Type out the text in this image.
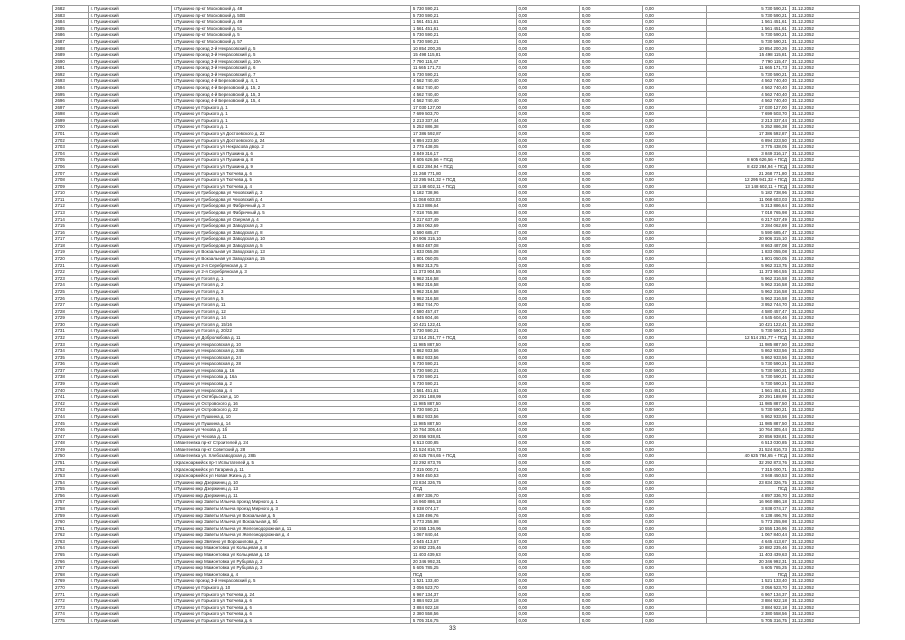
2682	г. Пушкинский	г.Пушкино пр-кт Московский д. 48	5 730 590,21	0,00	0,00	0,00	5 730 590,21	31.12.2052
2683	г. Пушкинский	г.Пушкино пр-кт Московский д. 50В	5 730 590,21	0,00	0,00	0,00	5 730 590,21	31.12.2052
2684	г. Пушкинский	г.Пушкино пр-кт Московский д. 49	1 561 451,61	0,00	0,00	0,00	1 561 451,61	31.12.2052
2685	г. Пушкинский	г.Пушкино пр-кт Московский д. 51	1 561 451,61	0,00	0,00	0,00	1 561 451,61	31.12.2052
2686	г. Пушкинский	г.Пушкино пр-кт Московский д. 5	5 730 590,21	0,00	0,00	0,00	5 730 590,21	31.12.2052
2687	г. Пушкинский	г.Пушкино пр-кт Московский д. 57	5 730 590,21	0,00	0,00	0,00	5 730 590,21	31.12.2052
2688	г. Пушкинский	г.Пушкино проезд 2-й Некрасовский д. 5	10 854 200,26	0,00	0,00	0,00	10 854 200,26	31.12.2052
2689	г. Пушкинский	г.Пушкино проезд 3-й Некрасовский д. 5	15 498 115,81	0,00	0,00	0,00	15 498 115,81	31.12.2052
2690	г. Пушкинский	г.Пушкино проезд 3-й Некрасовский д. 10А	7 790 115,47	0,00	0,00	0,00	7 790 115,47	31.12.2052
2691	г. Пушкинский	г.Пушкино проезд 3-й Некрасовский д. 6	11 665 171,73	0,00	0,00	0,00	11 665 171,73	31.12.2052
2692	г. Пушкинский	г.Пушкино проезд 3-й Некрасовский д. 7	5 730 590,21	0,00	0,00	0,00	5 730 590,21	31.12.2052
2693	г. Пушкинский	г.Пушкино проезд 4-й Березовский д. 4, 1	4 562 740,40	0,00	0,00	0,00	4 562 740,40	31.12.2052
2694	г. Пушкинский	г.Пушкино проезд 4-й Березовский д. 15, 2	4 562 740,40	0,00	0,00	0,00	4 562 740,40	31.12.2052
2695	г. Пушкинский	г.Пушкино проезд 4-й Березовский д. 15, 3	4 562 740,40	0,00	0,00	0,00	4 562 740,40	31.12.2052
2696	г. Пушкинский	г.Пушкино проезд 4-й Березовский д. 15, 4	4 562 740,40	0,00	0,00	0,00	4 562 740,40	31.12.2052
2697	г. Пушкинский	г.Пушкино ул Горького д. 1	17 030 127,00	0,00	0,00	0,00	17 030 127,00	31.12.2052
2698	г. Пушкинский	г.Пушкино ул Горького д. 1	7 699 503,70	0,00	0,00	0,00	7 699 503,70	31.12.2052
2699	г. Пушкинский	г.Пушкино ул Горького д. 1	2 213 337,44	0,00	0,00	0,00	2 213 337,44	31.12.2052
2700	г. Пушкинский	г.Пушкино ул Горького д. 1	5 252 886,38	0,00	0,00	0,00	5 252 886,38	31.12.2052
2701	г. Пушкинский	г.Пушкино ул Горького ул Достоевского д. 22	17 386 592,87	0,00	0,00	0,00	17 386 592,87	31.12.2052
2702	г. Пушкинский	г.Пушкино ул Горького ул Достоевского д. 24	6 894 223,50	0,00	0,00	0,00	6 894 223,50	31.12.2052
2703	г. Пушкинский	г.Пушкино ул Горького ул Некрасова двор. 2	3 775 438,05	0,00	0,00	0,00	3 775 438,05	31.12.2052
2704	г. Пушкинский	г.Пушкино ул Горького ул Пушкина д. 6	3 849 316,17	0,00	0,00	0,00	3 849 316,17	31.12.2052
2705	г. Пушкинский	г.Пушкино ул Горького ул Пушкина д. 8	8 605 626,56 + ПСД	0,00	0,00	0,00	8 605 626,56 + ПСД	31.12.2052
2706	г. Пушкинский	г.Пушкино ул Горького ул Пушкина д. 9	8 422 284,94 + ПСД	0,00	0,00	0,00	8 422 284,94 + ПСД	31.12.2052
2707	г. Пушкинский	г.Пушкино ул Горького ул Тютчева д. 6	21 268 771,80	0,00	0,00	0,00	21 268 771,80	31.12.2052
2708	г. Пушкинский	г.Пушкино ул Горького ул Тютчева д. 5	12 295 941,32 + ПСД	0,00	0,00	0,00	12 295 941,32 + ПСД	31.12.2052
2709	г. Пушкинский	г.Пушкино ул Горького ул Тютчева д. 4	13 148 602,11 + ПСД	0,00	0,00	0,00	13 148 602,11 + ПСД	31.12.2052
2710	г. Пушкинский	г.Пушкино ул Грибоедова ул Чеховский д. 3	5 182 738,96	0,00	0,00	0,00	5 182 738,96	31.12.2052
2711	г. Пушкинский	г.Пушкино ул Грибоедова ул Чеховский д. 4	11 068 603,03	0,00	0,00	0,00	11 068 603,03	31.12.2052
2712	г. Пушкинский	г.Пушкино ул Грибоедова ул Фабричный д. 3	5 313 886,64	0,00	0,00	0,00	5 313 886,64	31.12.2052
2713	г. Пушкинский	г.Пушкино ул Грибоедова ул Фабричный д. 5	7 018 765,98	0,00	0,00	0,00	7 018 765,98	31.12.2052
2714	г. Пушкинский	г.Пушкино ул Грибоедова ул Озерная д. 4	6 217 637,49	0,00	0,00	0,00	6 217 637,49	31.12.2052
2715	г. Пушкинский	г.Пушкино ул Грибоедова ул Заводская д. 3	3 284 062,69	0,00	0,00	0,00	3 284 062,69	31.12.2052
2716	г. Пушкинский	г.Пушкино ул Грибоедова ул Заводская д. 8	5 590 685,47	0,00	0,00	0,00	5 590 685,47	31.12.2052
2717	г. Пушкинский	г.Пушкино ул Грибоедова ул Заводская д. 10	20 906 315,10	0,00	0,00	0,00	20 906 315,10	31.12.2052
2718	г. Пушкинский	г.Пушкино ул Грибоедова ул Заводская д. 5	8 663 487,08	0,00	0,00	0,00	8 663 487,08	31.12.2052
2719	г. Пушкинский	г.Пушкино ул Вокзальная ул Заводская д. 13	1 833 055,08	0,00	0,00	0,00	1 833 055,08	31.12.2052
2720	г. Пушкинский	г.Пушкино ул Вокзальная ул Заводская д. 15	1 801 050,05	0,00	0,00	0,00	1 801 050,05	31.12.2052
2721	г. Пушкинский	г.Пушкино ул 2-я Серебрянская д. 2	5 962 313,75	0,00	0,00	0,00	5 962 313,75	31.12.2052
2722	г. Пушкинский	г.Пушкино ул 2-я Серебрянская д. 3	11 373 904,55	0,00	0,00	0,00	11 373 904,55	31.12.2052
2723	г. Пушкинский	г.Пушкино ул Гоголя д. 1	5 962 316,58	0,00	0,00	0,00	5 962 316,58	31.12.2052
2724	г. Пушкинский	г.Пушкино ул Гоголя д. 2	5 962 316,58	0,00	0,00	0,00	5 962 316,58	31.12.2052
2725	г. Пушкинский	г.Пушкино ул Гоголя д. 3	5 962 316,58	0,00	0,00	0,00	5 962 316,58	31.12.2052
2726	г. Пушкинский	г.Пушкино ул Гоголя д. 5	5 962 316,58	0,00	0,00	0,00	5 962 316,58	31.12.2052
2727	г. Пушкинский	г.Пушкино ул Гоголя д. 11	3 952 744,70	0,00	0,00	0,00	3 952 744,70	31.12.2052
2728	г. Пушкинский	г.Пушкино ул Гоголя д. 12	4 580 457,47	0,00	0,00	0,00	4 580 457,47	31.12.2052
2729	г. Пушкинский	г.Пушкино ул Гоголя д. 14	4 545 604,46	0,00	0,00	0,00	4 545 604,46	31.12.2052
2730	г. Пушкинский	г.Пушкино ул Гоголя д. 15/16	10 421 122,41	0,00	0,00	0,00	10 421 122,41	31.12.2052
2731	г. Пушкинский	г.Пушкино ул Гоголя д. 20/22	5 730 590,21	0,00	0,00	0,00	5 730 590,21	31.12.2052
2732	г. Пушкинский	г.Пушкино ул Добролюбова д. 11	12 514 251,77 + ПСД	0,00	0,00	0,00	12 514 251,77 + ПСД	31.12.2052
2733	г. Пушкинский	г.Пушкино ул Некрасовская д. 10	11 985 887,50	0,00	0,00	0,00	11 985 887,50	31.12.2052
2734	г. Пушкинский	г.Пушкино ул Некрасовская д. 24Б	5 862 933,56	0,00	0,00	0,00	5 862 933,56	31.12.2052
2735	г. Пушкинский	г.Пушкино ул Некрасовская д. 24	5 862 933,56	0,00	0,00	0,00	5 862 933,56	31.12.2052
2736	г. Пушкинский	г.Пушкино ул Некрасовская д. 28	5 730 590,21	0,00	0,00	0,00	5 730 590,21	31.12.2052
2737	г. Пушкинский	г.Пушкино ул Некрасова д. 16	5 730 590,21	0,00	0,00	0,00	5 730 590,21	31.12.2052
2738	г. Пушкинский	г.Пушкино ул Некрасова д. 16а	5 730 590,21	0,00	0,00	0,00	5 730 590,21	31.12.2052
2739	г. Пушкинский	г.Пушкино ул Некрасова д. 2	5 730 590,21	0,00	0,00	0,00	5 730 590,21	31.12.2052
2740	г. Пушкинский	г.Пушкино ул Некрасова д. 4	1 561 451,61	0,00	0,00	0,00	1 561 451,61	31.12.2052
2741	г. Пушкинский	г.Пушкино ул Октябрьская д. 10	20 291 188,99	0,00	0,00	0,00	20 291 188,99	31.12.2052
2742	г. Пушкинский	г.Пушкино ул Островского д. 16	11 985 887,50	0,00	0,00	0,00	11 985 887,50	31.12.2052
2743	г. Пушкинский	г.Пушкино ул Островского д. 22	5 730 590,21	0,00	0,00	0,00	5 730 590,21	31.12.2052
2744	г. Пушкинский	г.Пушкино ул Пушкина д. 10	5 862 933,56	0,00	0,00	0,00	5 862 933,56	31.12.2052
2745	г. Пушкинский	г.Пушкино ул Пушкина д. 14	11 985 887,50	0,00	0,00	0,00	11 985 887,50	31.12.2052
2746	г. Пушкинский	г.Пушкино ул Чехова д. 1б	10 764 305,44	0,00	0,00	0,00	10 764 305,44	31.12.2052
2747	г. Пушкинский	г.Пушкино ул Чехова д. 11	20 856 938,81	0,00	0,00	0,00	20 856 938,81	31.12.2052
2748	г. Пушкинский	г.Ивантеевка пр-кт Строителей д. 24	6 513 030,85	0,00	0,00	0,00	6 513 030,85	31.12.2052
2749	г. Пушкинский	г.Ивантеевка пр-кт Советский д. 28	21 524 816,73	0,00	0,00	0,00	21 524 816,73	31.12.2052
2750	г. Пушкинский	г.Ивантеевка ул. Хлебозаводская д. 28Б	40 625 784,65 + ПСД	0,00	0,00	0,00	40 625 784,65 + ПСД	31.12.2052
2751	г. Пушкинский	г.Красноармейск пр-т Испытателей д. 5	32 292 873,76	0,00	0,00	0,00	32 292 873,76	31.12.2052
2752	г. Пушкинский	г.Красноармейск ул Гагарина д. 11	7 315 000,71	0,00	0,00	0,00	7 315 000,71	31.12.2052
2753	г. Пушкинский	г.Красноармейск ул Новая Жизнь д. 3	3 948 450,53	0,00	0,00	0,00	3 948 450,53	31.12.2052
2754	г. Пушкинский	г.Пушкино мкр Дзержинец д. 10	23 834 326,75	0,00	0,00	0,00	23 834 326,75	31.12.2052
2755	г. Пушкинский	г.Пушкино мкр Дзержинец д. 13	ПСД	0,00	0,00	0,00	ПСД	31.12.2052
2756	г. Пушкинский	г.Пушкино мкр Дзержинец д. 11	4 897 336,70	0,00	0,00	0,00	4 897 336,70	31.12.2052
2757	г. Пушкинский	г.Пушкино мкр Заветы Ильича проезд Мирного д. 1	16 960 886,18	0,00	0,00	0,00	16 960 886,18	31.12.2052
2758	г. Пушкинский	г.Пушкино мкр Заветы Ильича проезд Мирного д. 3	3 938 074,17	0,00	0,00	0,00	3 938 074,17	31.12.2052
2759	г. Пушкинский	г.Пушкино мкр Заветы Ильича ул Вокзальная д. 5	6 138 496,76	0,00	0,00	0,00	6 138 496,76	31.12.2052
2760	г. Пушкинский	г.Пушкино мкр Заветы Ильича ул Вокзальная д. 5б	5 773 255,98	0,00	0,00	0,00	5 773 255,98	31.12.2052
2761	г. Пушкинский	г.Пушкино мкр Заветы Ильича ул Железнодорожная д. 11	10 555 136,96	0,00	0,00	0,00	10 555 136,96	31.12.2052
2762	г. Пушкинский	г.Пушкино мкр Заветы Ильича ул Железнодорожная д. 4	1 067 840,44	0,00	0,00	0,00	1 067 840,44	31.12.2052
2763	г. Пушкинский	г.Пушкино мкр Звягино ул Ворошилова д. 7	4 645 413,67	0,00	0,00	0,00	4 645 413,67	31.12.2052
2764	г. Пушкинский	г.Пушкино мкр Мамонтовка ул Кольцевая д. 8	10 882 235,46	0,00	0,00	0,00	10 882 235,46	31.12.2052
2765	г. Пушкинский	г.Пушкино мкр Мамонтовка ул Кольцевая д. 10	11 403 439,63	0,00	0,00	0,00	11 403 439,63	31.12.2052
2766	г. Пушкинский	г.Пушкино мкр Мамонтовка ул Рубцова д. 2	20 346 992,31	0,00	0,00	0,00	20 346 992,31	31.12.2052
2767	г. Пушкинский	г.Пушкино мкр Мамонтовка ул Рубцова д. 3	5 605 785,25	0,00	0,00	0,00	5 605 785,25	31.12.2052
2768	г. Пушкинский	г.Пушкино мкр Мамонтовка д. 4	ПСД	0,00	0,00	0,00	ПСД	31.12.2052
2769	г. Пушкинский	г.Пушкино проезд 3-й Некрасовский д. 5	1 521 133,40	0,00	0,00	0,00	1 521 133,40	31.12.2052
2770	г. Пушкинский	г.Пушкино ул Горького д. 10	3 056 523,70	0,00	0,00	0,00	3 056 523,70	31.12.2052
2771	г. Пушкинский	г.Пушкино ул Горького ул Тютчева д. 24	6 967 134,37	0,00	0,00	0,00	6 967 134,37	31.12.2052
2772	г. Пушкинский	г.Пушкино ул Горького ул Тютчева д. 6	3 884 922,18	0,00	0,00	0,00	3 884 922,18	31.12.2052
2773	г. Пушкинский	г.Пушкино ул Горького ул Тютчева д. 6	3 884 922,18	0,00	0,00	0,00	3 884 922,18	31.12.2052
2774	г. Пушкинский	г.Пушкино ул Горького ул Тютчева д. 6	2 380 558,56	0,00	0,00	0,00	2 380 558,56	31.12.2052
2775	г. Пушкинский	г.Пушкино ул Горького ул Тютчева д. 6	5 705 316,75	0,00	0,00	0,00	5 705 316,75	31.12.2052
33
